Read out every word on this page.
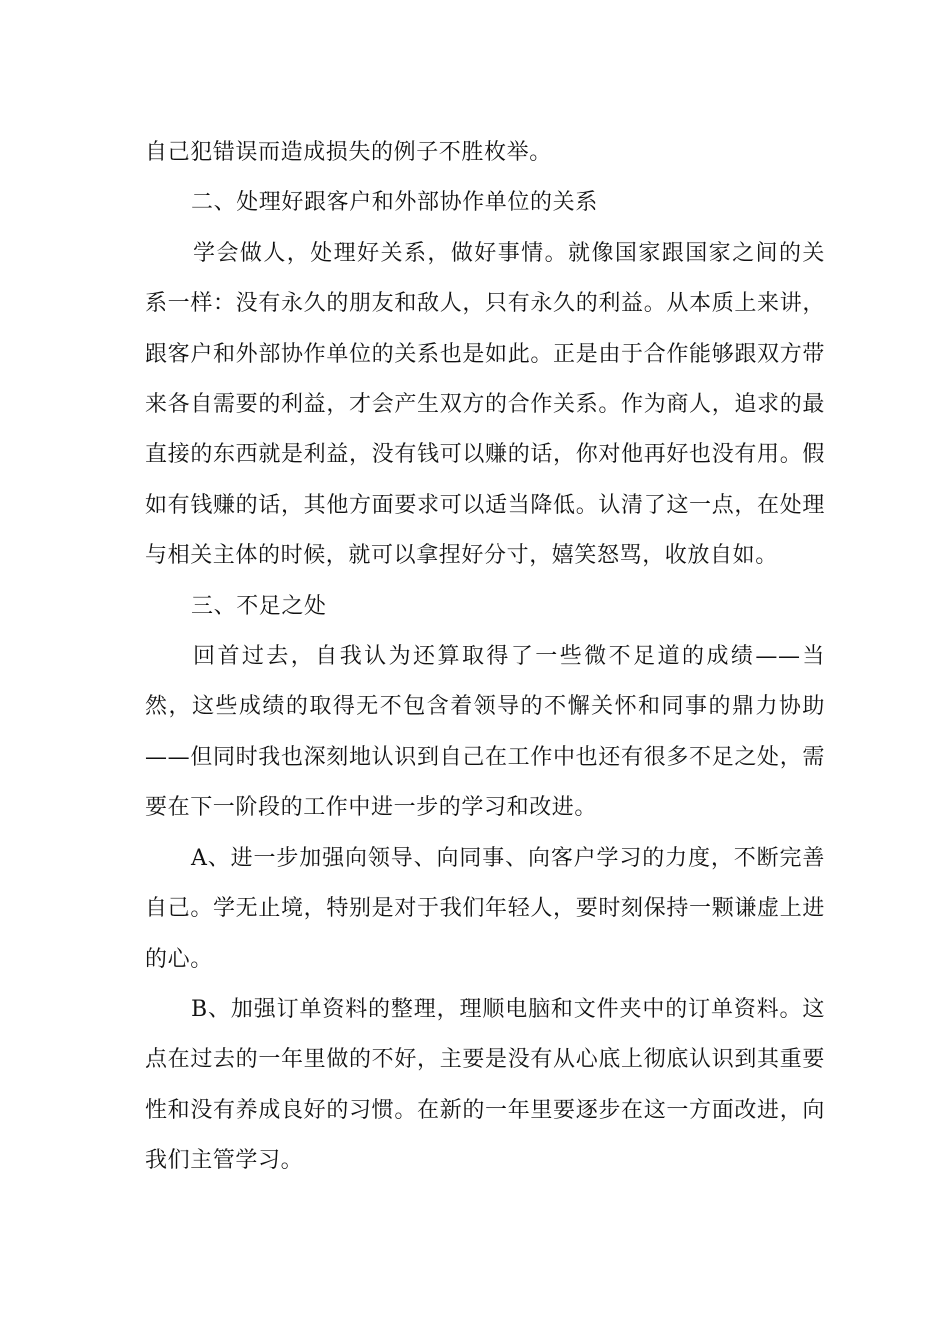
自己犯错误而造成损失的例子不胜枚举。

二、处理好跟客户和外部协作单位的关系

学会做人，处理好关系，做好事情。就像国家跟国家之间的关系一样：没有永久的朋友和敌人，只有永久的利益。从本质上来讲，跟客户和外部协作单位的关系也是如此。正是由于合作能够跟双方带来各自需要的利益，才会产生双方的合作关系。作为商人，追求的最直接的东西就是利益，没有钱可以赚的话，你对他再好也没有用。假如有钱赚的话，其他方面要求可以适当降低。认清了这一点，在处理与相关主体的时候，就可以拿捏好分寸，嬉笑怒骂，收放自如。

三、不足之处

回首过去，自我认为还算取得了一些微不足道的成绩——当然，这些成绩的取得无不包含着领导的不懈关怀和同事的鼎力协助——但同时我也深刻地认识到自己在工作中也还有很多不足之处，需要在下一阶段的工作中进一步的学习和改进。

A、进一步加强向领导、向同事、向客户学习的力度，不断完善自己。学无止境，特别是对于我们年轻人，要时刻保持一颗谦虚上进的心。

B、加强订单资料的整理，理顺电脑和文件夹中的订单资料。这点在过去的一年里做的不好，主要是没有从心底上彻底认识到其重要性和没有养成良好的习惯。在新的一年里要逐步在这一方面改进，向我们主管学习。
